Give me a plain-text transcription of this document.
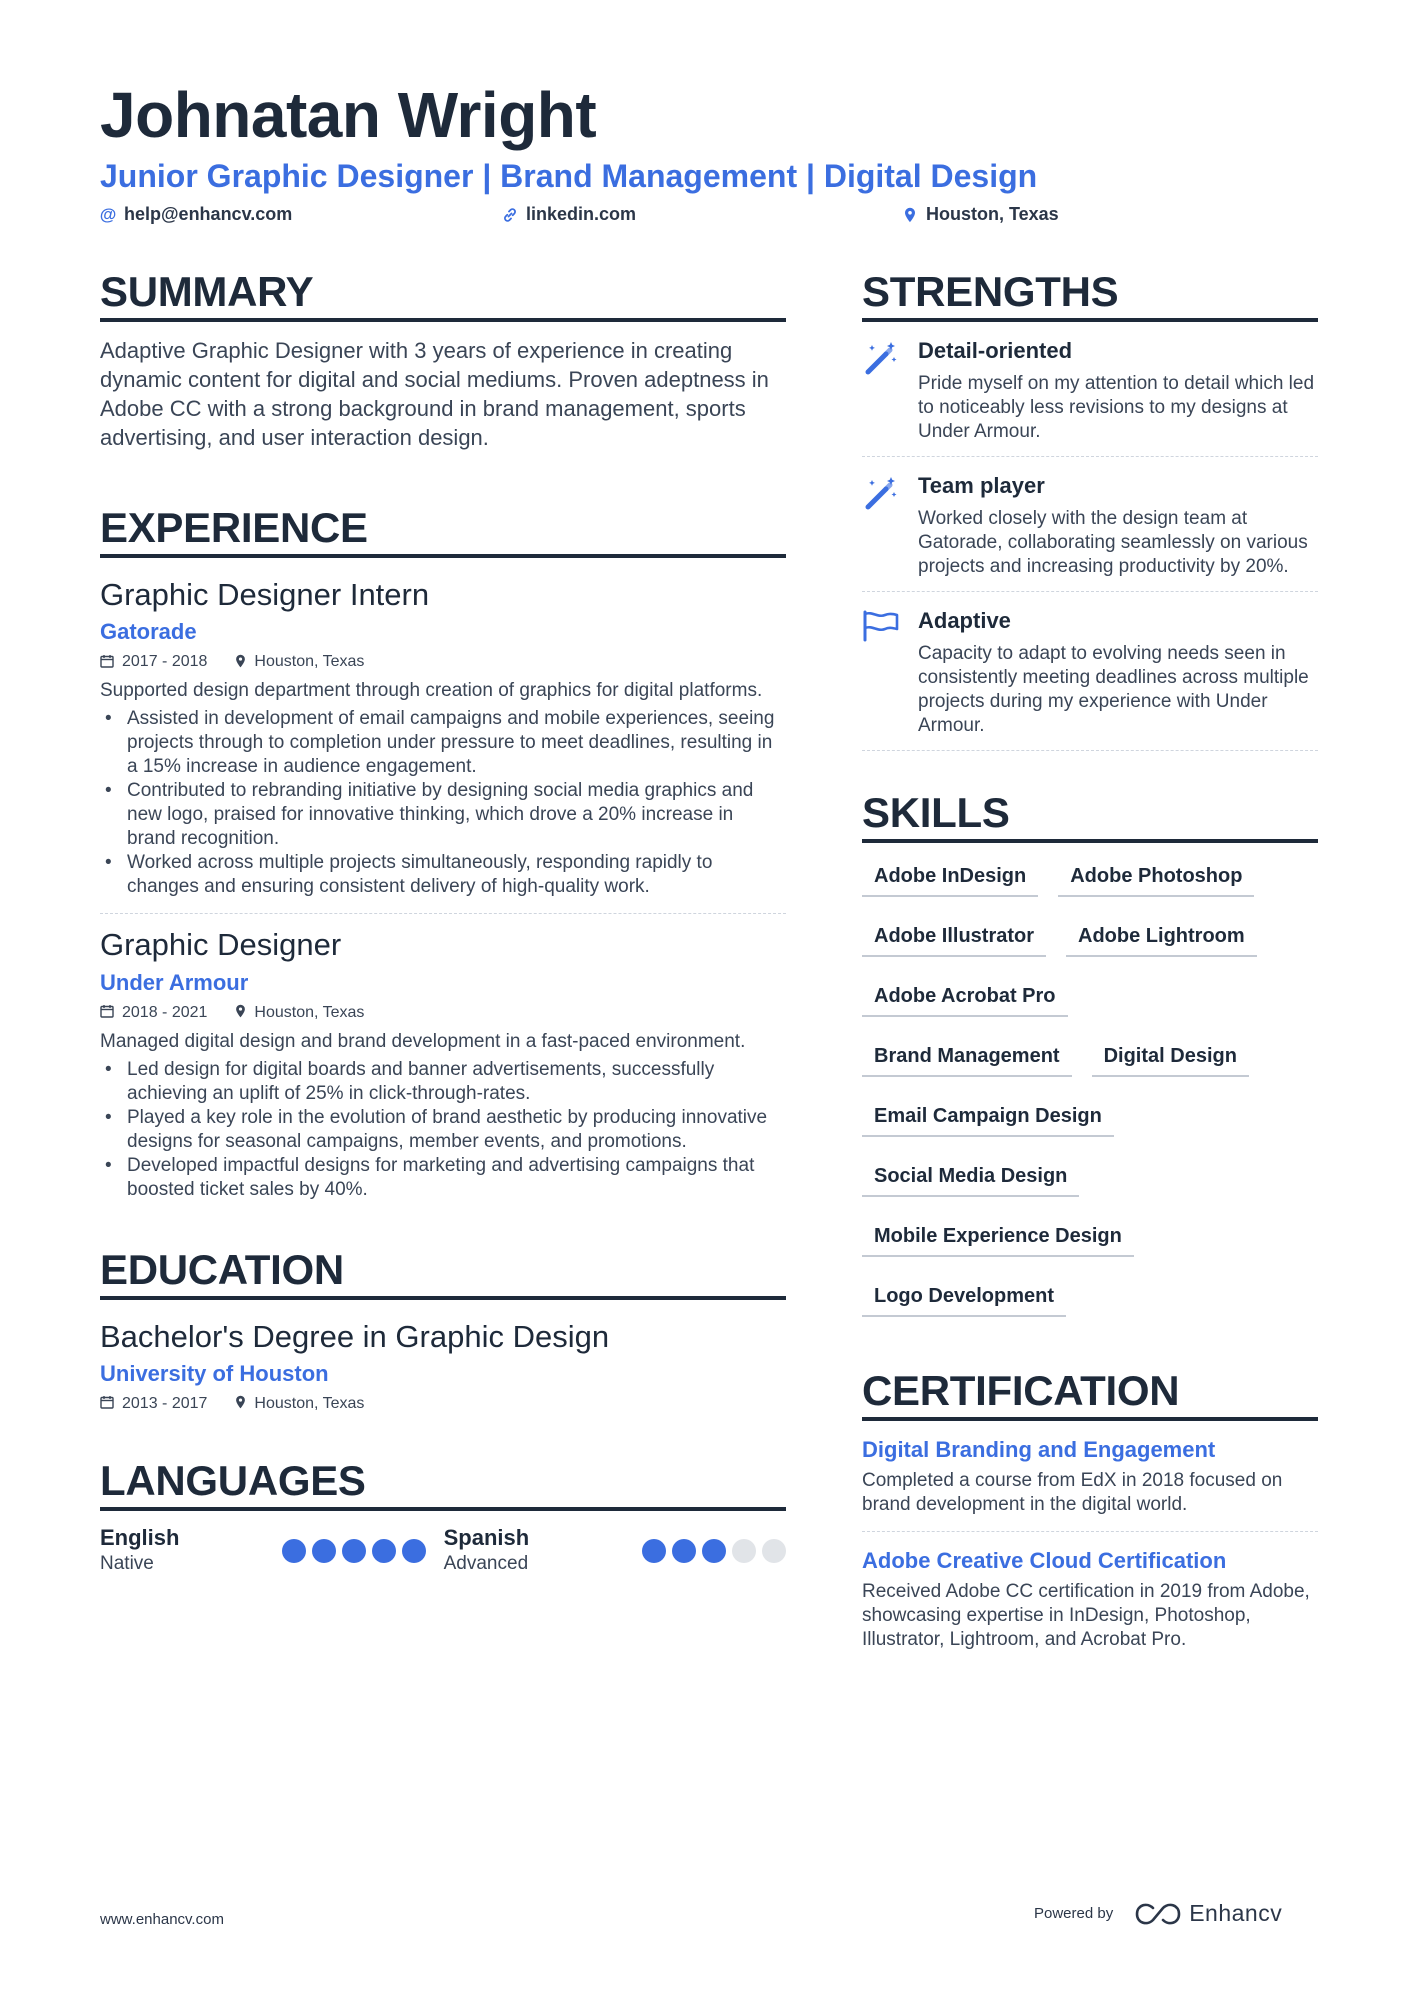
Johnatan Wright
Junior Graphic Designer | Brand Management | Digital Design
@ help@enhancv.com	linkedin.com	Houston, Texas
SUMMARY
Adaptive Graphic Designer with 3 years of experience in creating dynamic content for digital and social mediums. Proven adeptness in Adobe CC with a strong background in brand management, sports advertising, and user interaction design.
EXPERIENCE
Graphic Designer Intern
Gatorade
2017 - 2018	Houston, Texas
Supported design department through creation of graphics for digital platforms.
• Assisted in development of email campaigns and mobile experiences, seeing projects through to completion under pressure to meet deadlines, resulting in a 15% increase in audience engagement.
• Contributed to rebranding initiative by designing social media graphics and new logo, praised for innovative thinking, which drove a 20% increase in brand recognition.
• Worked across multiple projects simultaneously, responding rapidly to changes and ensuring consistent delivery of high-quality work.
Graphic Designer
Under Armour
2018 - 2021	Houston, Texas
Managed digital design and brand development in a fast-paced environment.
• Led design for digital boards and banner advertisements, successfully achieving an uplift of 25% in click-through-rates.
• Played a key role in the evolution of brand aesthetic by producing innovative designs for seasonal campaigns, member events, and promotions.
• Developed impactful designs for marketing and advertising campaigns that boosted ticket sales by 40%.
EDUCATION
Bachelor's Degree in Graphic Design
University of Houston
2013 - 2017	Houston, Texas
LANGUAGES
English
Native
Spanish
Advanced
STRENGTHS
Detail-oriented
Pride myself on my attention to detail which led to noticeably less revisions to my designs at Under Armour.
Team player
Worked closely with the design team at Gatorade, collaborating seamlessly on various projects and increasing productivity by 20%.
Adaptive
Capacity to adapt to evolving needs seen in consistently meeting deadlines across multiple projects during my experience with Under Armour.
SKILLS
Adobe InDesign	Adobe Photoshop
Adobe Illustrator	Adobe Lightroom
Adobe Acrobat Pro
Brand Management	Digital Design
Email Campaign Design
Social Media Design
Mobile Experience Design
Logo Development
CERTIFICATION
Digital Branding and Engagement
Completed a course from EdX in 2018 focused on brand development in the digital world.
Adobe Creative Cloud Certification
Received Adobe CC certification in 2019 from Adobe, showcasing expertise in InDesign, Photoshop, Illustrator, Lightroom, and Acrobat Pro.
www.enhancv.com	Powered by	Enhancv
